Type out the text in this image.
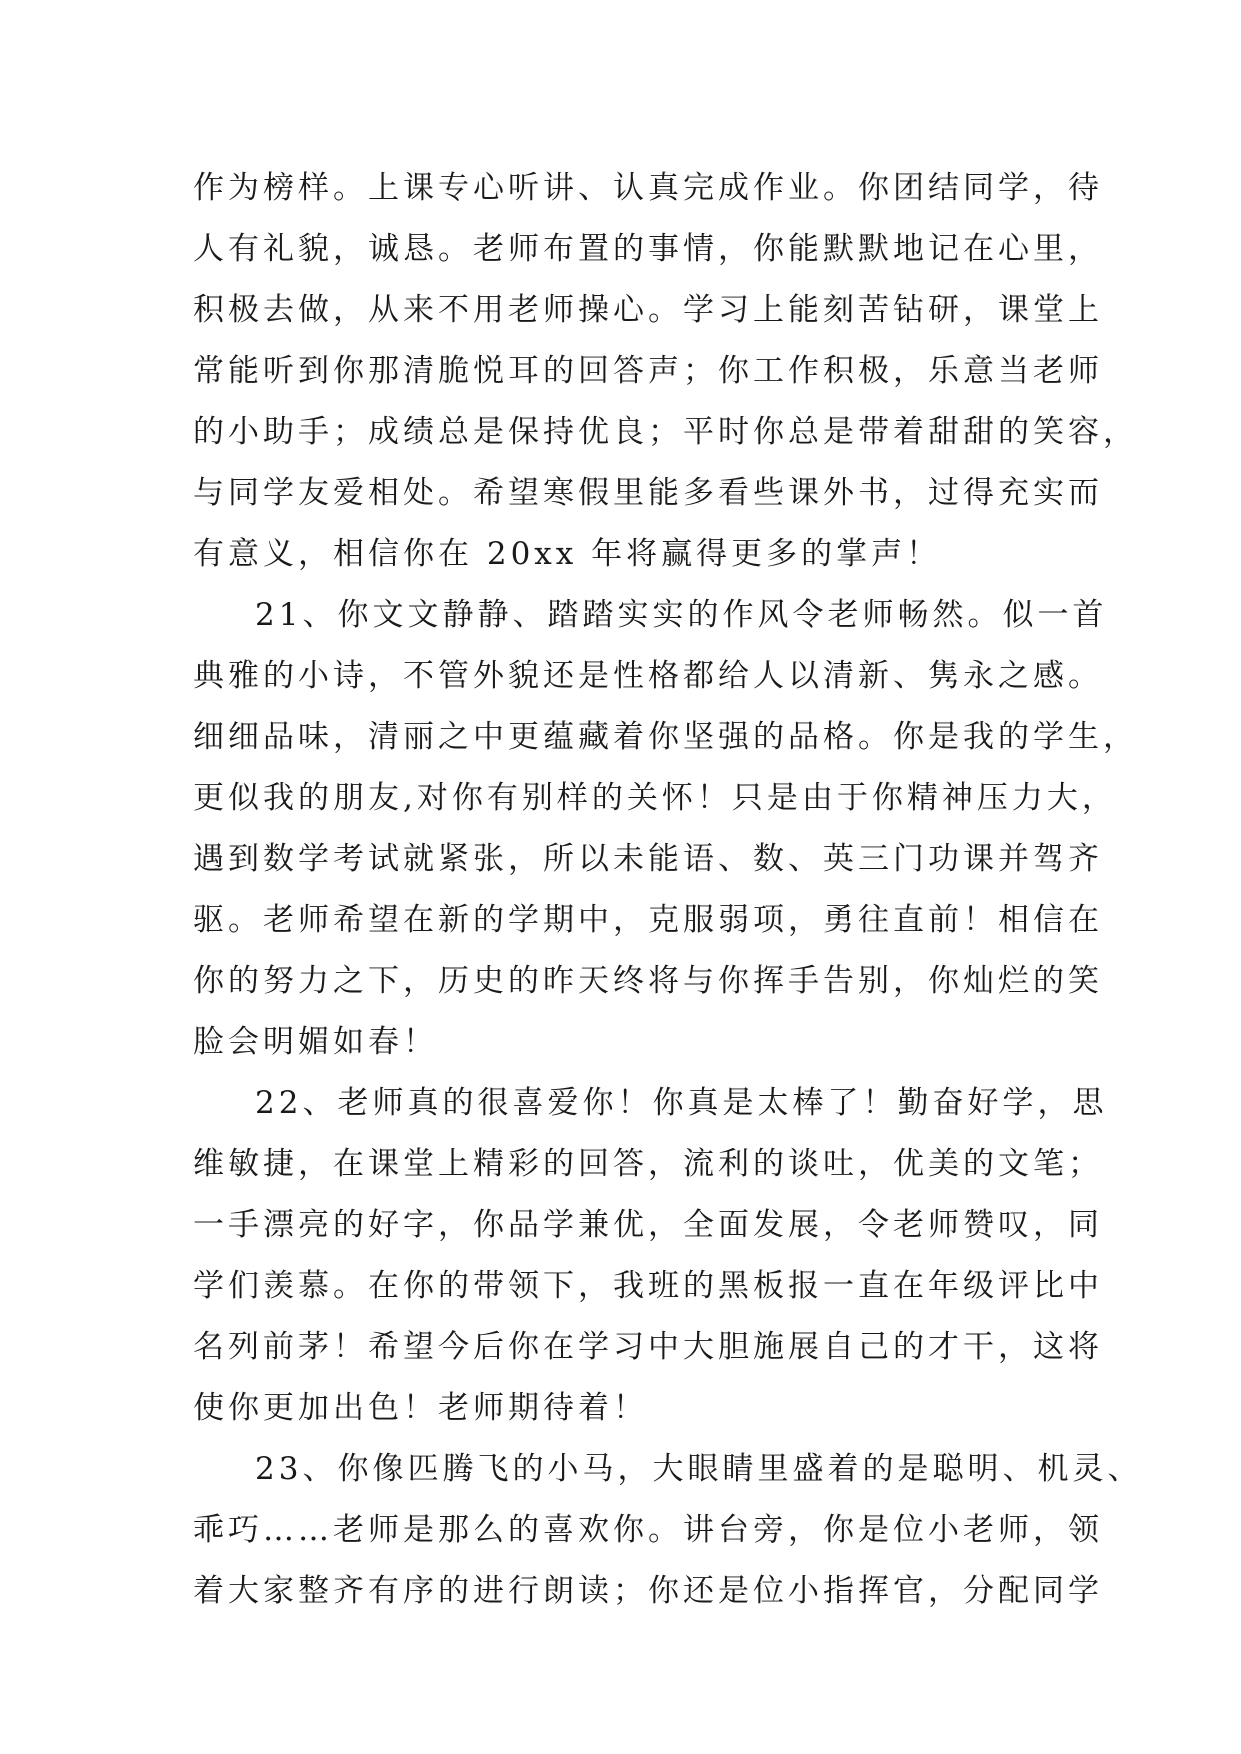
作为榜样。上课专心听讲、认真完成作业。你团结同学，待
人有礼貌，诚恳。老师布置的事情，你能默默地记在心里，
积极去做，从来不用老师操心。学习上能刻苦钻研，课堂上
常能听到你那清脆悦耳的回答声；你工作积极，乐意当老师
的小助手；成绩总是保持优良；平时你总是带着甜甜的笑容，
与同学友爱相处。希望寒假里能多看些课外书，过得充实而
有意义，相信你在 20xx 年将赢得更多的掌声！
21、你文文静静、踏踏实实的作风令老师畅然。似一首
典雅的小诗，不管外貌还是性格都给人以清新、隽永之感。
细细品味，清丽之中更蕴藏着你坚强的品格。你是我的学生，
更似我的朋友,对你有别样的关怀！只是由于你精神压力大，
遇到数学考试就紧张，所以未能语、数、英三门功课并驾齐
驱。老师希望在新的学期中，克服弱项，勇往直前！相信在
你的努力之下，历史的昨天终将与你挥手告别，你灿烂的笑
脸会明媚如春！
22、老师真的很喜爱你！你真是太棒了！勤奋好学，思
维敏捷，在课堂上精彩的回答，流利的谈吐，优美的文笔；
一手漂亮的好字，你品学兼优，全面发展，令老师赞叹，同
学们羡慕。在你的带领下，我班的黑板报一直在年级评比中
名列前茅！希望今后你在学习中大胆施展自己的才干，这将
使你更加出色！老师期待着！
23、你像匹腾飞的小马，大眼睛里盛着的是聪明、机灵、
乖巧……老师是那么的喜欢你。讲台旁，你是位小老师，领
着大家整齐有序的进行朗读；你还是位小指挥官，分配同学
